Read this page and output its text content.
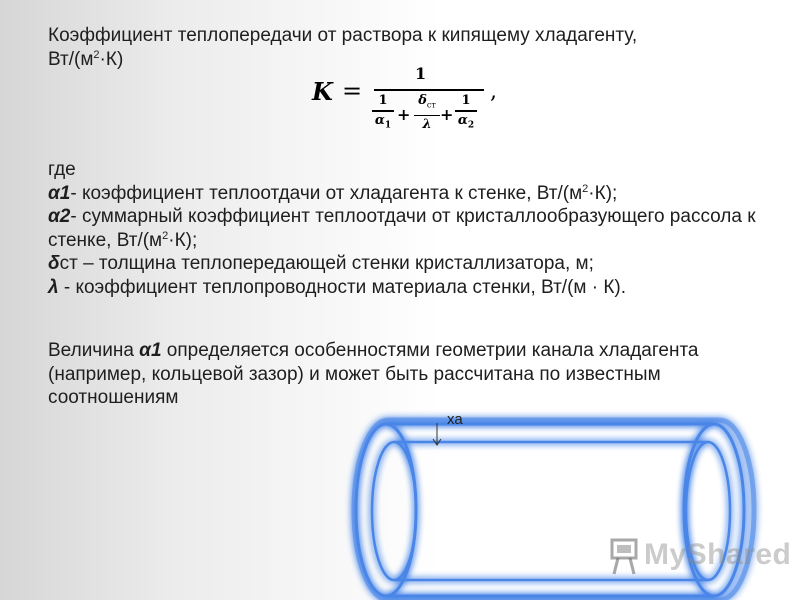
Коэффициент теплопередачи от раствора к кипящему хладагенту,
$Вт/(м^2\cdot К)$

K =
1
,
1
$\alpha_1$
+
$\delta_{ст}$
λ
+
1
$\alpha_2$

где
α1- коэффициент теплоотдачи от хладагента к стенке, $Вт/(м^2\cdot К)$;
α2- суммарный коэффициент теплоотдачи от кристаллообразующего рассола к стенке, $Вт/(м^2\cdot К)$;
δст – толщина теплопередающей стенки кристаллизатора, м;
λ - коэффициент теплопроводности материала стенки, Вт/(м · К).

Величина α1 определяется особенностями геометрии канала хладагента (например, кольцевой зазор) и может быть рассчитана по известным соотношениям

ха
MyShared
